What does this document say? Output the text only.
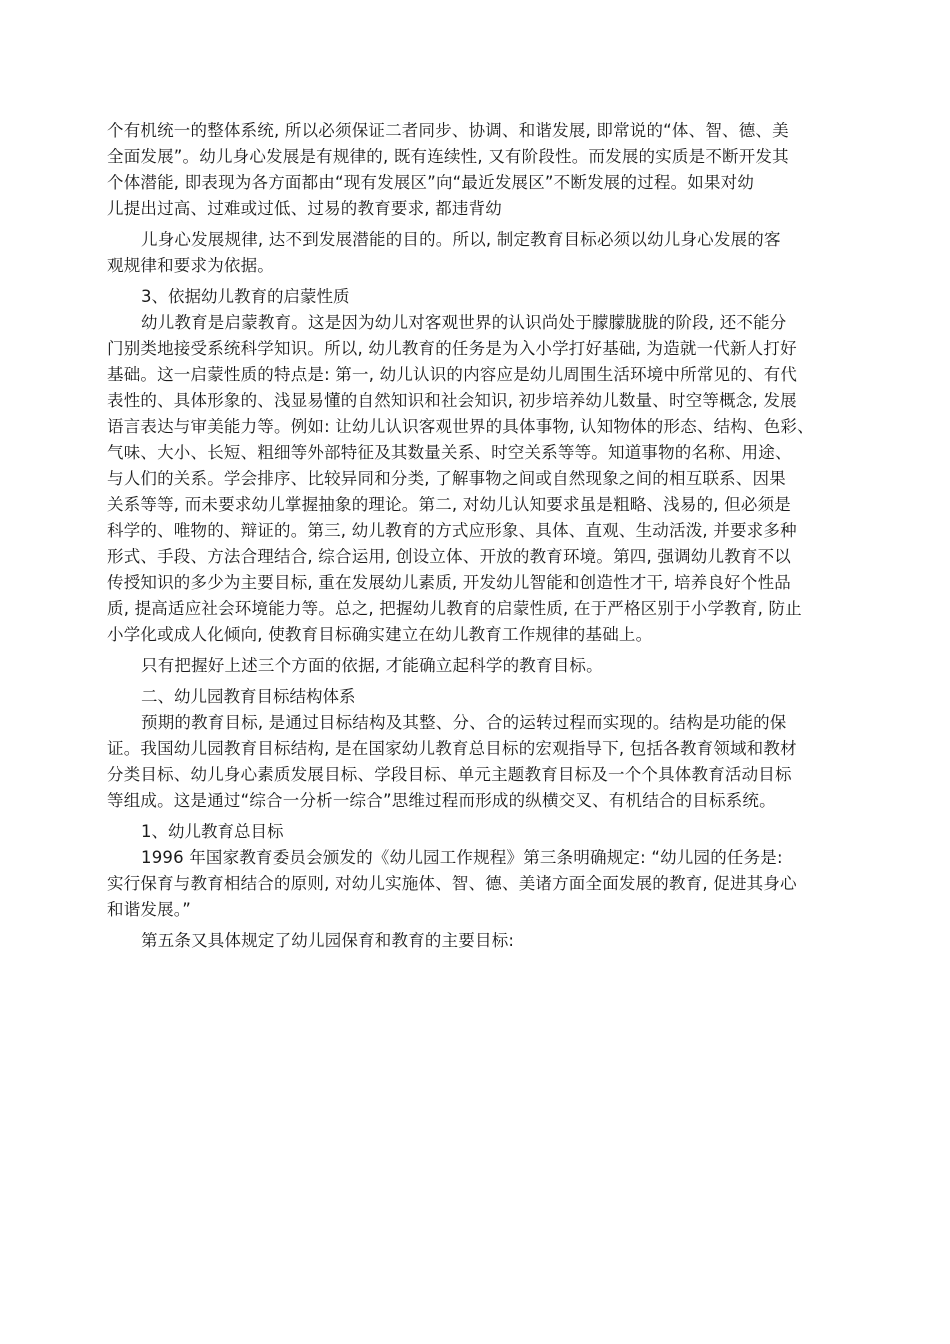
个有机统一的整体系统, 所以必须保证二者同步、协调、和谐发展, 即常说的“体、智、德、美
全面发展”。幼儿身心发展是有规律的, 既有连续性, 又有阶段性。而发展的实质是不断开发其
个体潜能, 即表现为各方面都由“现有发展区”向“最近发展区”不断发展的过程。如果对幼
儿提出过高、过难或过低、过易的教育要求, 都违背幼

儿身心发展规律, 达不到发展潜能的目的。所以, 制定教育目标必须以幼儿身心发展的客
观规律和要求为依据。

3、依据幼儿教育的启蒙性质

幼儿教育是启蒙教育。这是因为幼儿对客观世界的认识尚处于朦朦胧胧的阶段, 还不能分
门别类地接受系统科学知识。所以, 幼儿教育的任务是为入小学打好基础, 为造就一代新人打好
基础。这一启蒙性质的特点是: 第一, 幼儿认识的内容应是幼儿周围生活环境中所常见的、有代
表性的、具体形象的、浅显易懂的自然知识和社会知识, 初步培养幼儿数量、时空等概念, 发展
语言表达与审美能力等。例如: 让幼儿认识客观世界的具体事物, 认知物体的形态、结构、色彩、
气味、大小、长短、粗细等外部特征及其数量关系、时空关系等等。知道事物的名称、用途、
与人们的关系。学会排序、比较异同和分类, 了解事物之间或自然现象之间的相互联系、因果
关系等等, 而未要求幼儿掌握抽象的理论。第二, 对幼儿认知要求虽是粗略、浅易的, 但必须是
科学的、唯物的、辩证的。第三, 幼儿教育的方式应形象、具体、直观、生动活泼, 并要求多种
形式、手段、方法合理结合, 综合运用, 创设立体、开放的教育环境。第四, 强调幼儿教育不以
传授知识的多少为主要目标, 重在发展幼儿素质, 开发幼儿智能和创造性才干, 培养良好个性品
质, 提高适应社会环境能力等。总之, 把握幼儿教育的启蒙性质, 在于严格区别于小学教育, 防止
小学化或成人化倾向, 使教育目标确实建立在幼儿教育工作规律的基础上。

只有把握好上述三个方面的依据, 才能确立起科学的教育目标。

二、幼儿园教育目标结构体系

预期的教育目标, 是通过目标结构及其整、分、合的运转过程而实现的。结构是功能的保
证。我国幼儿园教育目标结构, 是在国家幼儿教育总目标的宏观指导下, 包括各教育领域和教材
分类目标、幼儿身心素质发展目标、学段目标、单元主题教育目标及一个个具体教育活动目标
等组成。这是通过“综合一分析一综合”思维过程而形成的纵横交叉、有机结合的目标系统。

1、幼儿教育总目标

1996 年国家教育委员会颁发的《幼儿园工作规程》第三条明确规定: “幼儿园的任务是:
实行保育与教育相结合的原则, 对幼儿实施体、智、德、美诸方面全面发展的教育, 促进其身心
和谐发展。”

第五条又具体规定了幼儿园保育和教育的主要目标:
